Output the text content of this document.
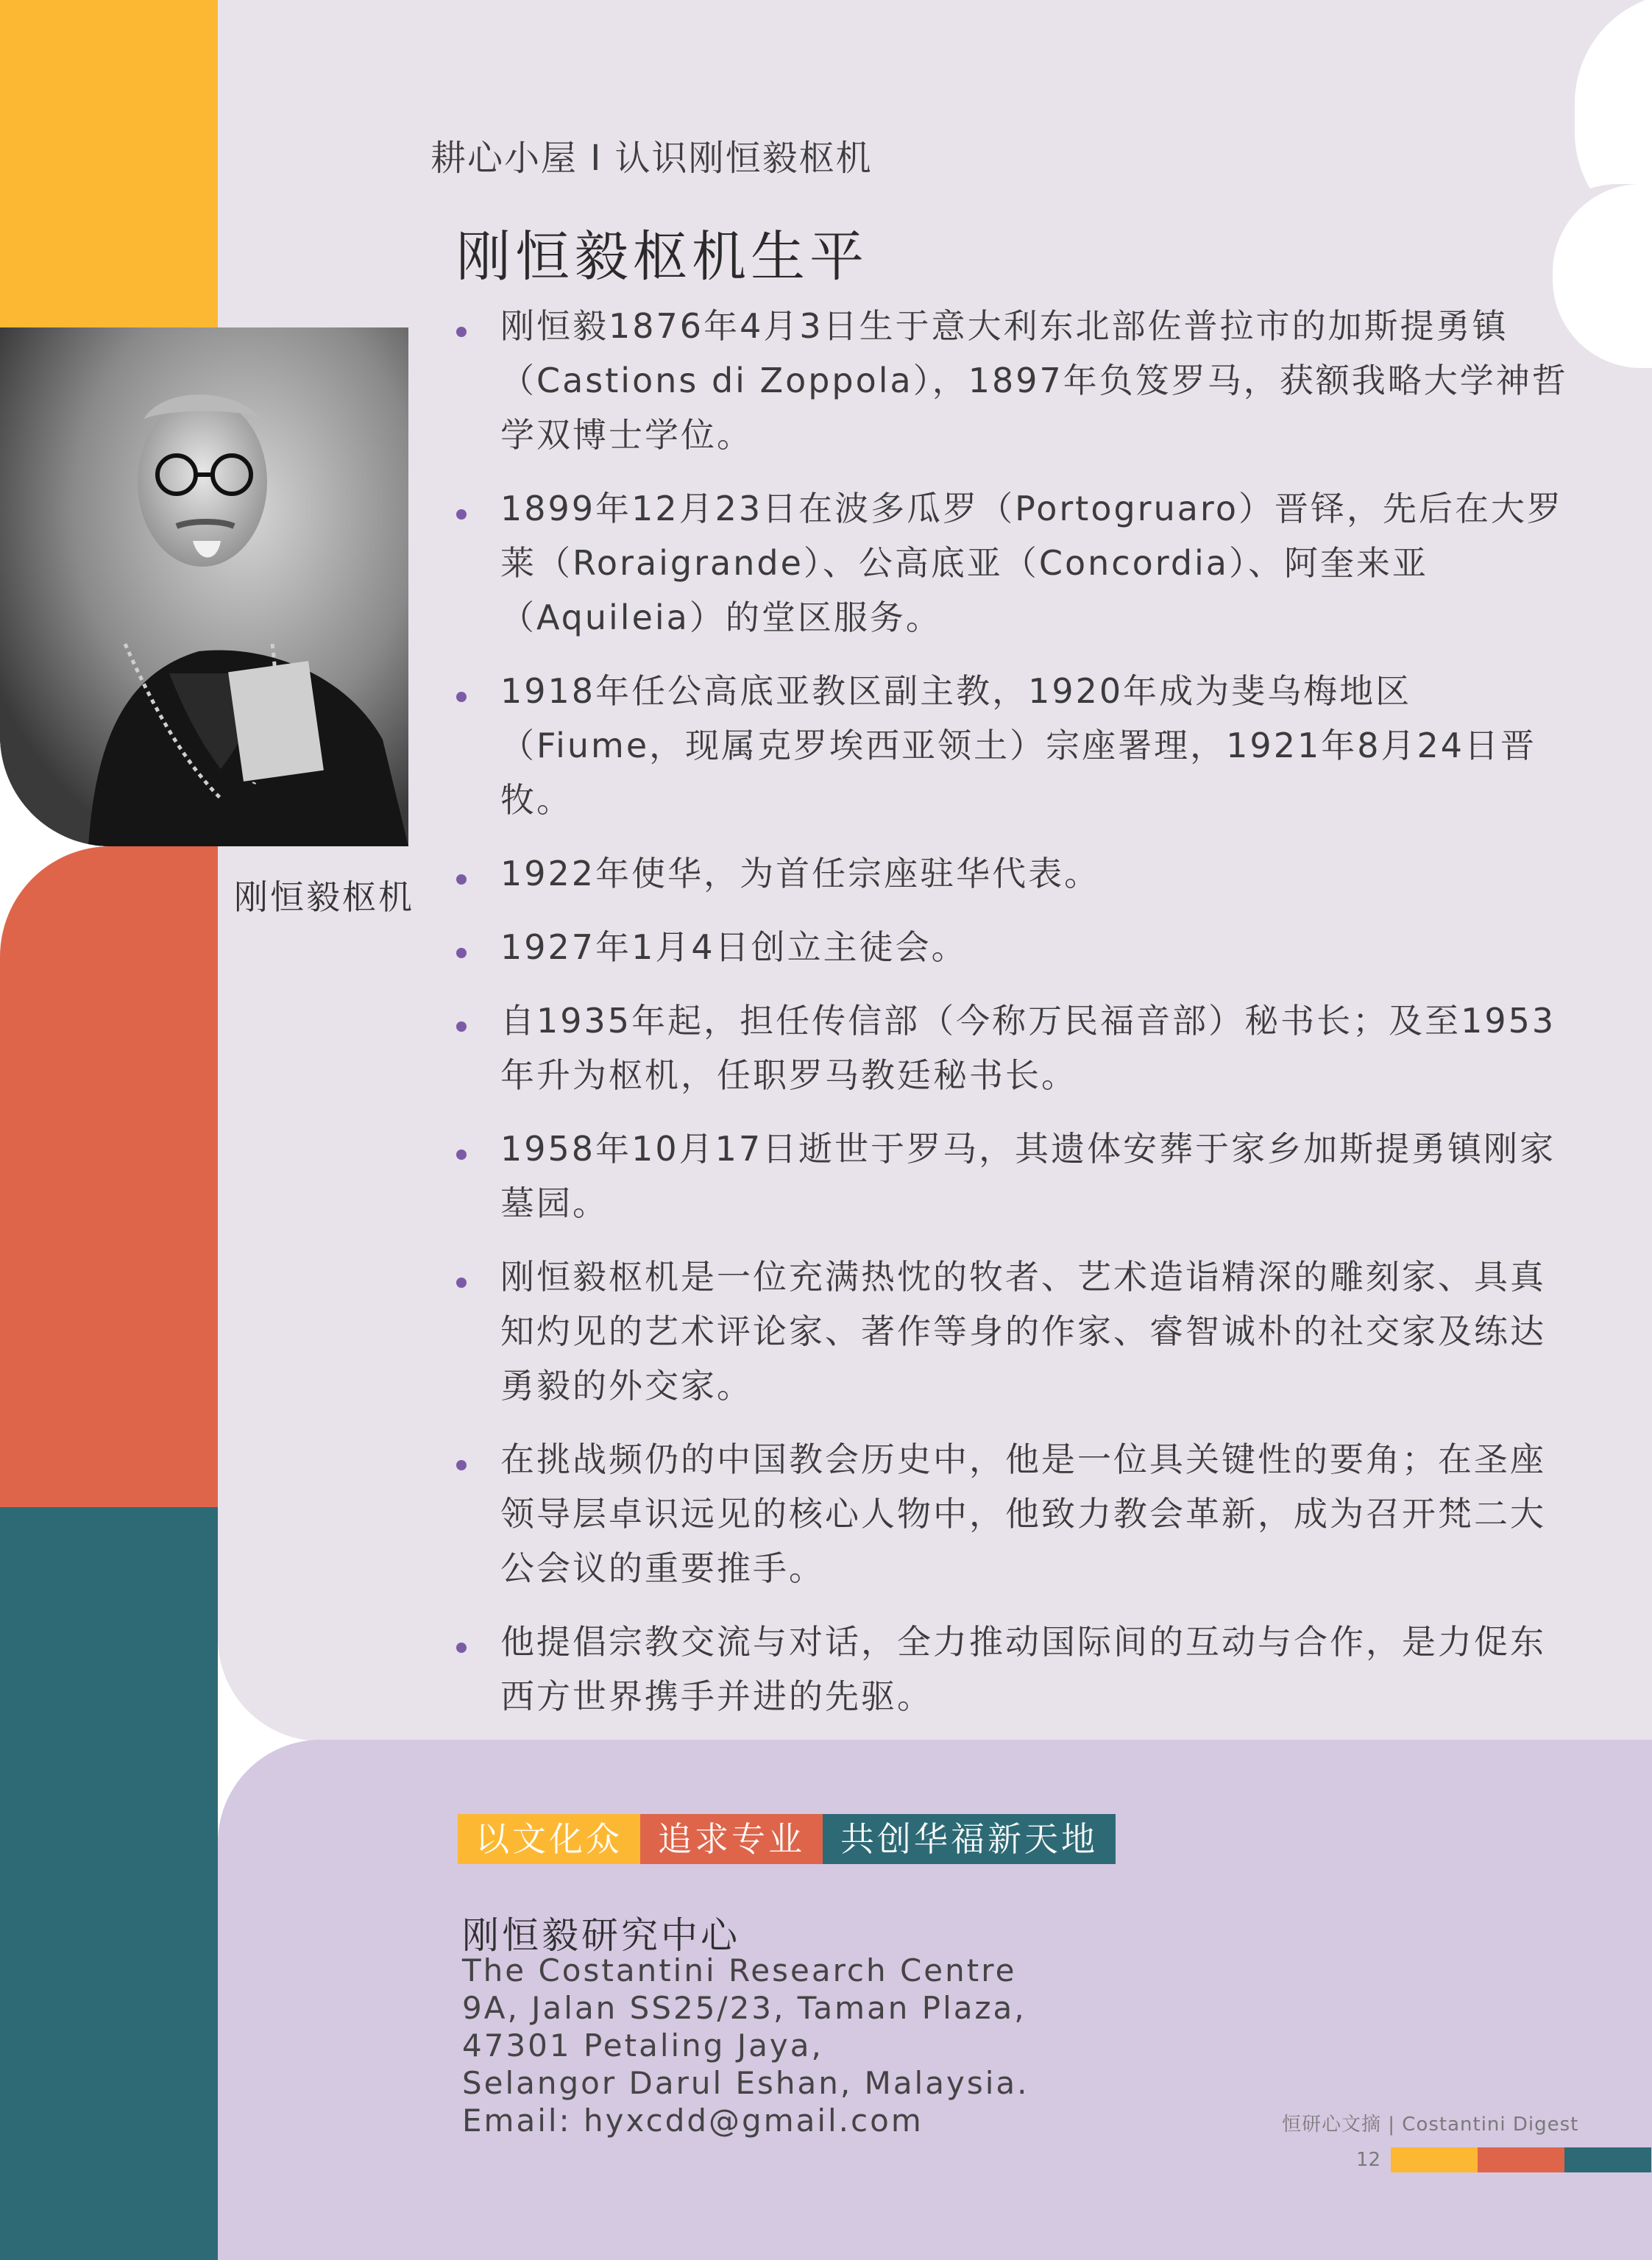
刚恒毅枢机
耕心小屋 I 认识刚恒毅枢机
刚恒毅枢机生平
刚恒毅1876年4月3日生于意大利东北部佐普拉市的加斯提勇镇（Castions di Zoppola），1897年负笈罗马，获额我略大学神哲学双博士学位。
1899年12月23日在波多瓜罗（Portogruaro）晋铎，先后在大罗莱（Roraigrande）、公高底亚（Concordia）、阿奎来亚（Aquileia）的堂区服务。
1918年任公高底亚教区副主教，1920年成为斐乌梅地区（Fiume，现属克罗埃西亚领土）宗座署理，1921年8月24日晋牧。
1922年使华，为首任宗座驻华代表。
1927年1月4日创立主徒会。
自1935年起，担任传信部（今称万民福音部）秘书长；及至1953年升为枢机，任职罗马教廷秘书长。
1958年10月17日逝世于罗马，其遗体安葬于家乡加斯提勇镇刚家墓园。
刚恒毅枢机是一位充满热忱的牧者、艺术造诣精深的雕刻家、具真知灼见的艺术评论家、著作等身的作家、睿智诚朴的社交家及练达勇毅的外交家。
在挑战频仍的中国教会历史中，他是一位具关键性的要角；在圣座领导层卓识远见的核心人物中，他致力教会革新，成为召开梵二大公会议的重要推手。
他提倡宗教交流与对话，全力推动国际间的互动与合作，是力促东西方世界携手并进的先驱。
以文化众	追求专业	共创华福新天地
刚恒毅研究中心
The Costantini Research Centre
9A, Jalan SS25/23, Taman Plaza,
47301 Petaling Jaya,
Selangor Darul Eshan, Malaysia.
Email: hyxcdd@gmail.com	恒研心文摘 | Costantini Digest
12
